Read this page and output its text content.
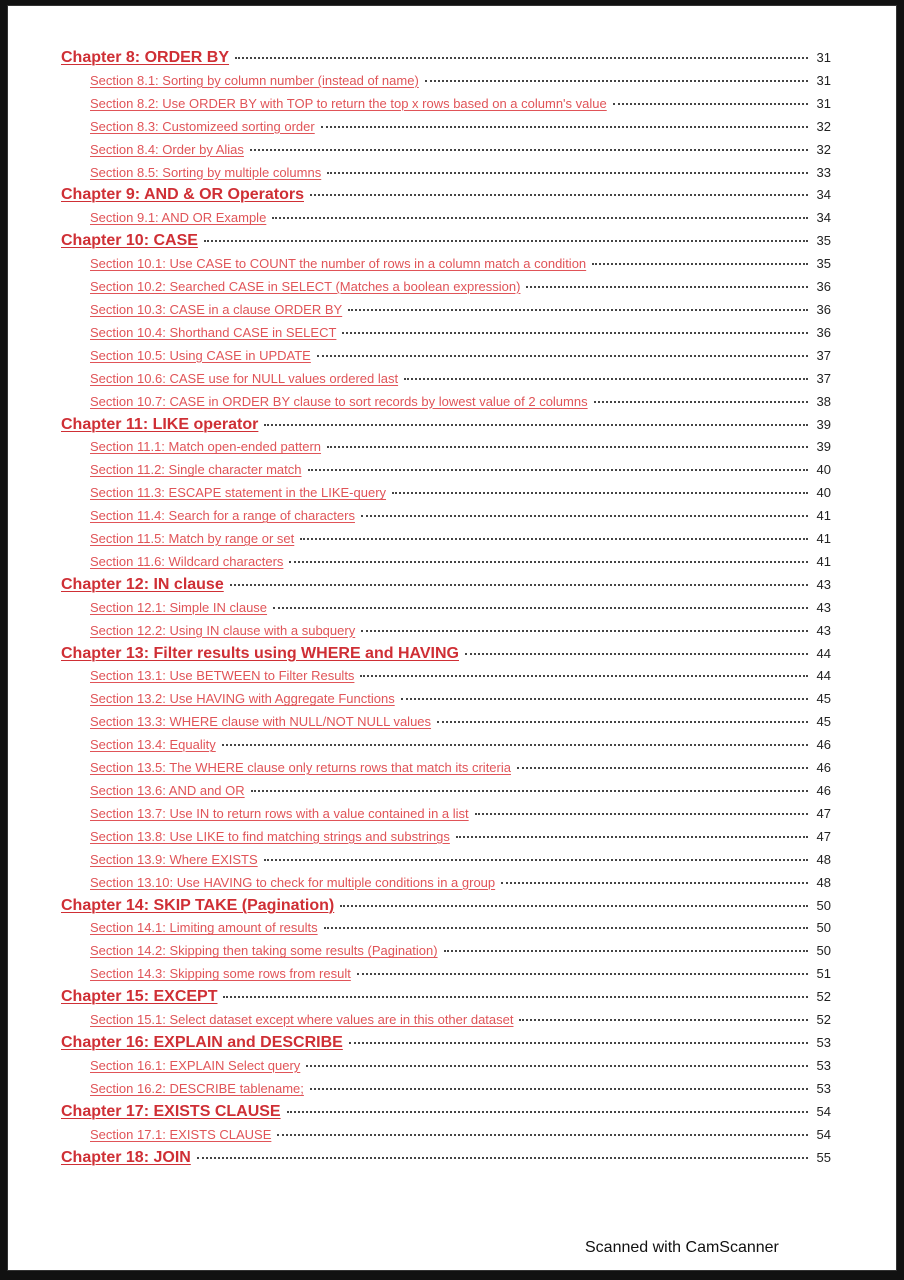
Chapter 8: ORDER BY	31
Section 8.1: Sorting by column number (instead of name)	31
Section 8.2: Use ORDER BY with TOP to return the top x rows based on a column's value	31
Section 8.3: Customizeed sorting order	32
Section 8.4: Order by Alias	32
Section 8.5: Sorting by multiple columns	33
Chapter 9: AND & OR Operators	34
Section 9.1: AND OR Example	34
Chapter 10: CASE	35
Section 10.1: Use CASE to COUNT the number of rows in a column match a condition	35
Section 10.2: Searched CASE in SELECT (Matches a boolean expression)	36
Section 10.3: CASE in a clause ORDER BY	36
Section 10.4: Shorthand CASE in SELECT	36
Section 10.5: Using CASE in UPDATE	37
Section 10.6: CASE use for NULL values ordered last	37
Section 10.7: CASE in ORDER BY clause to sort records by lowest value of 2 columns	38
Chapter 11: LIKE operator	39
Section 11.1: Match open-ended pattern	39
Section 11.2: Single character match	40
Section 11.3: ESCAPE statement in the LIKE-query	40
Section 11.4: Search for a range of characters	41
Section 11.5: Match by range or set	41
Section 11.6: Wildcard characters	41
Chapter 12: IN clause	43
Section 12.1: Simple IN clause	43
Section 12.2: Using IN clause with a subquery	43
Chapter 13: Filter results using WHERE and HAVING	44
Section 13.1: Use BETWEEN to Filter Results	44
Section 13.2: Use HAVING with Aggregate Functions	45
Section 13.3: WHERE clause with NULL/NOT NULL values	45
Section 13.4: Equality	46
Section 13.5: The WHERE clause only returns rows that match its criteria	46
Section 13.6: AND and OR	46
Section 13.7: Use IN to return rows with a value contained in a list	47
Section 13.8: Use LIKE to find matching strings and substrings	47
Section 13.9: Where EXISTS	48
Section 13.10: Use HAVING to check for multiple conditions in a group	48
Chapter 14: SKIP TAKE (Pagination)	50
Section 14.1: Limiting amount of results	50
Section 14.2: Skipping then taking some results (Pagination)	50
Section 14.3: Skipping some rows from result	51
Chapter 15: EXCEPT	52
Section 15.1: Select dataset except where values are in this other dataset	52
Chapter 16: EXPLAIN and DESCRIBE	53
Section 16.1: EXPLAIN Select query	53
Section 16.2: DESCRIBE tablename;	53
Chapter 17: EXISTS CLAUSE	54
Section 17.1: EXISTS CLAUSE	54
Chapter 18: JOIN	55
Scanned with CamScanner
